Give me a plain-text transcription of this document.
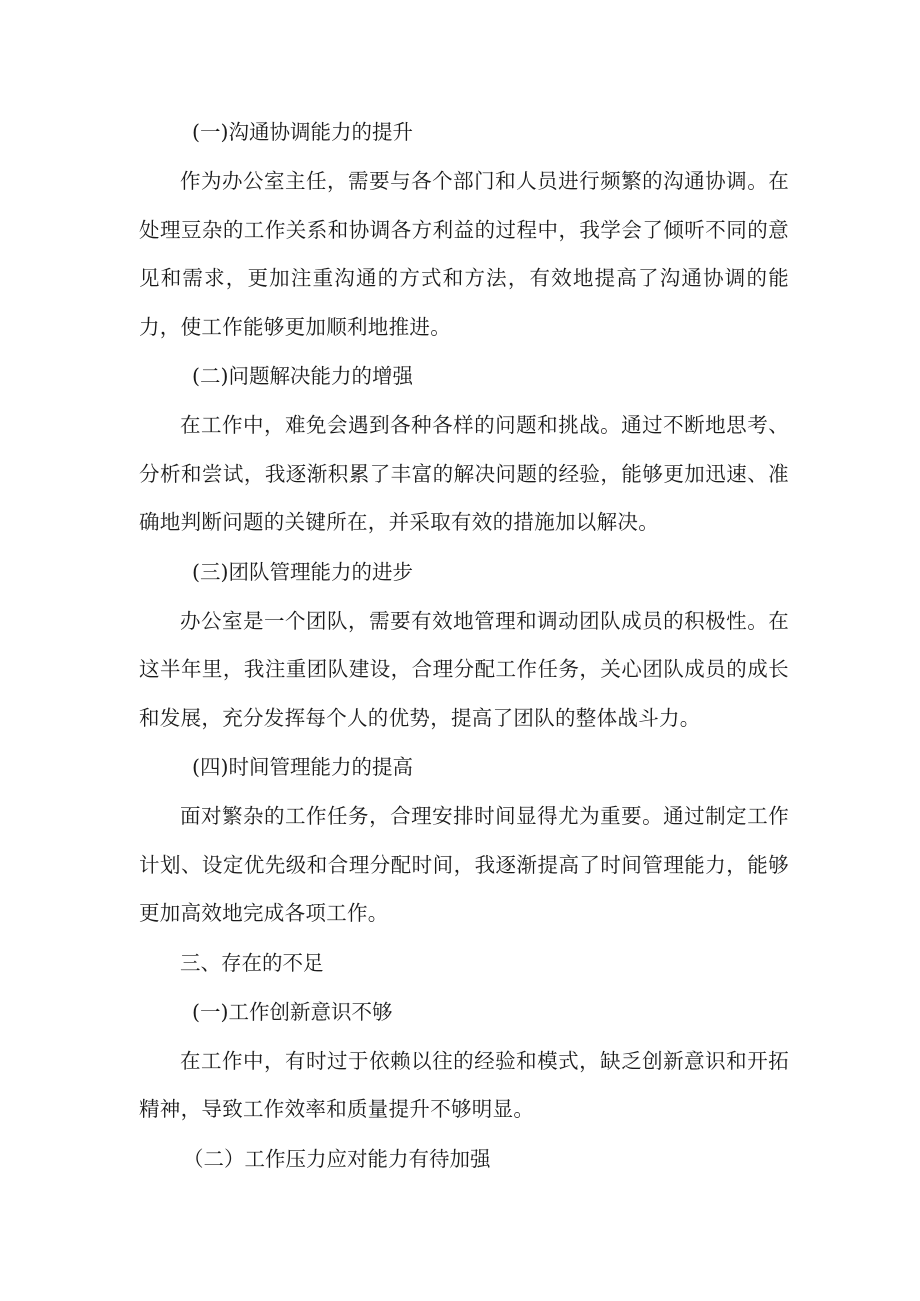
(一)沟通协调能力的提升

作为办公室主任，需要与各个部门和人员进行频繁的沟通协调。在处理豆杂的工作关系和协调各方利益的过程中，我学会了倾听不同的意见和需求，更加注重沟通的方式和方法，有效地提高了沟通协调的能力，使工作能够更加顺利地推进。

(二)问题解决能力的增强

在工作中，难免会遇到各种各样的问题和挑战。通过不断地思考、分析和尝试，我逐渐积累了丰富的解决问题的经验，能够更加迅速、准确地判断问题的关键所在，并采取有效的措施加以解决。

(三)团队管理能力的进步

办公室是一个团队，需要有效地管理和调动团队成员的积极性。在这半年里，我注重团队建设，合理分配工作任务，关心团队成员的成长和发展，充分发挥每个人的优势，提高了团队的整体战斗力。

(四)时间管理能力的提高

面对繁杂的工作任务，合理安排时间显得尤为重要。通过制定工作计划、设定优先级和合理分配时间，我逐渐提高了时间管理能力，能够更加高效地完成各项工作。

三、存在的不足
(一)工作创新意识不够

在工作中，有时过于依赖以往的经验和模式，缺乏创新意识和开拓精神，导致工作效率和质量提升不够明显。

（二）工作压力应对能力有待加强
